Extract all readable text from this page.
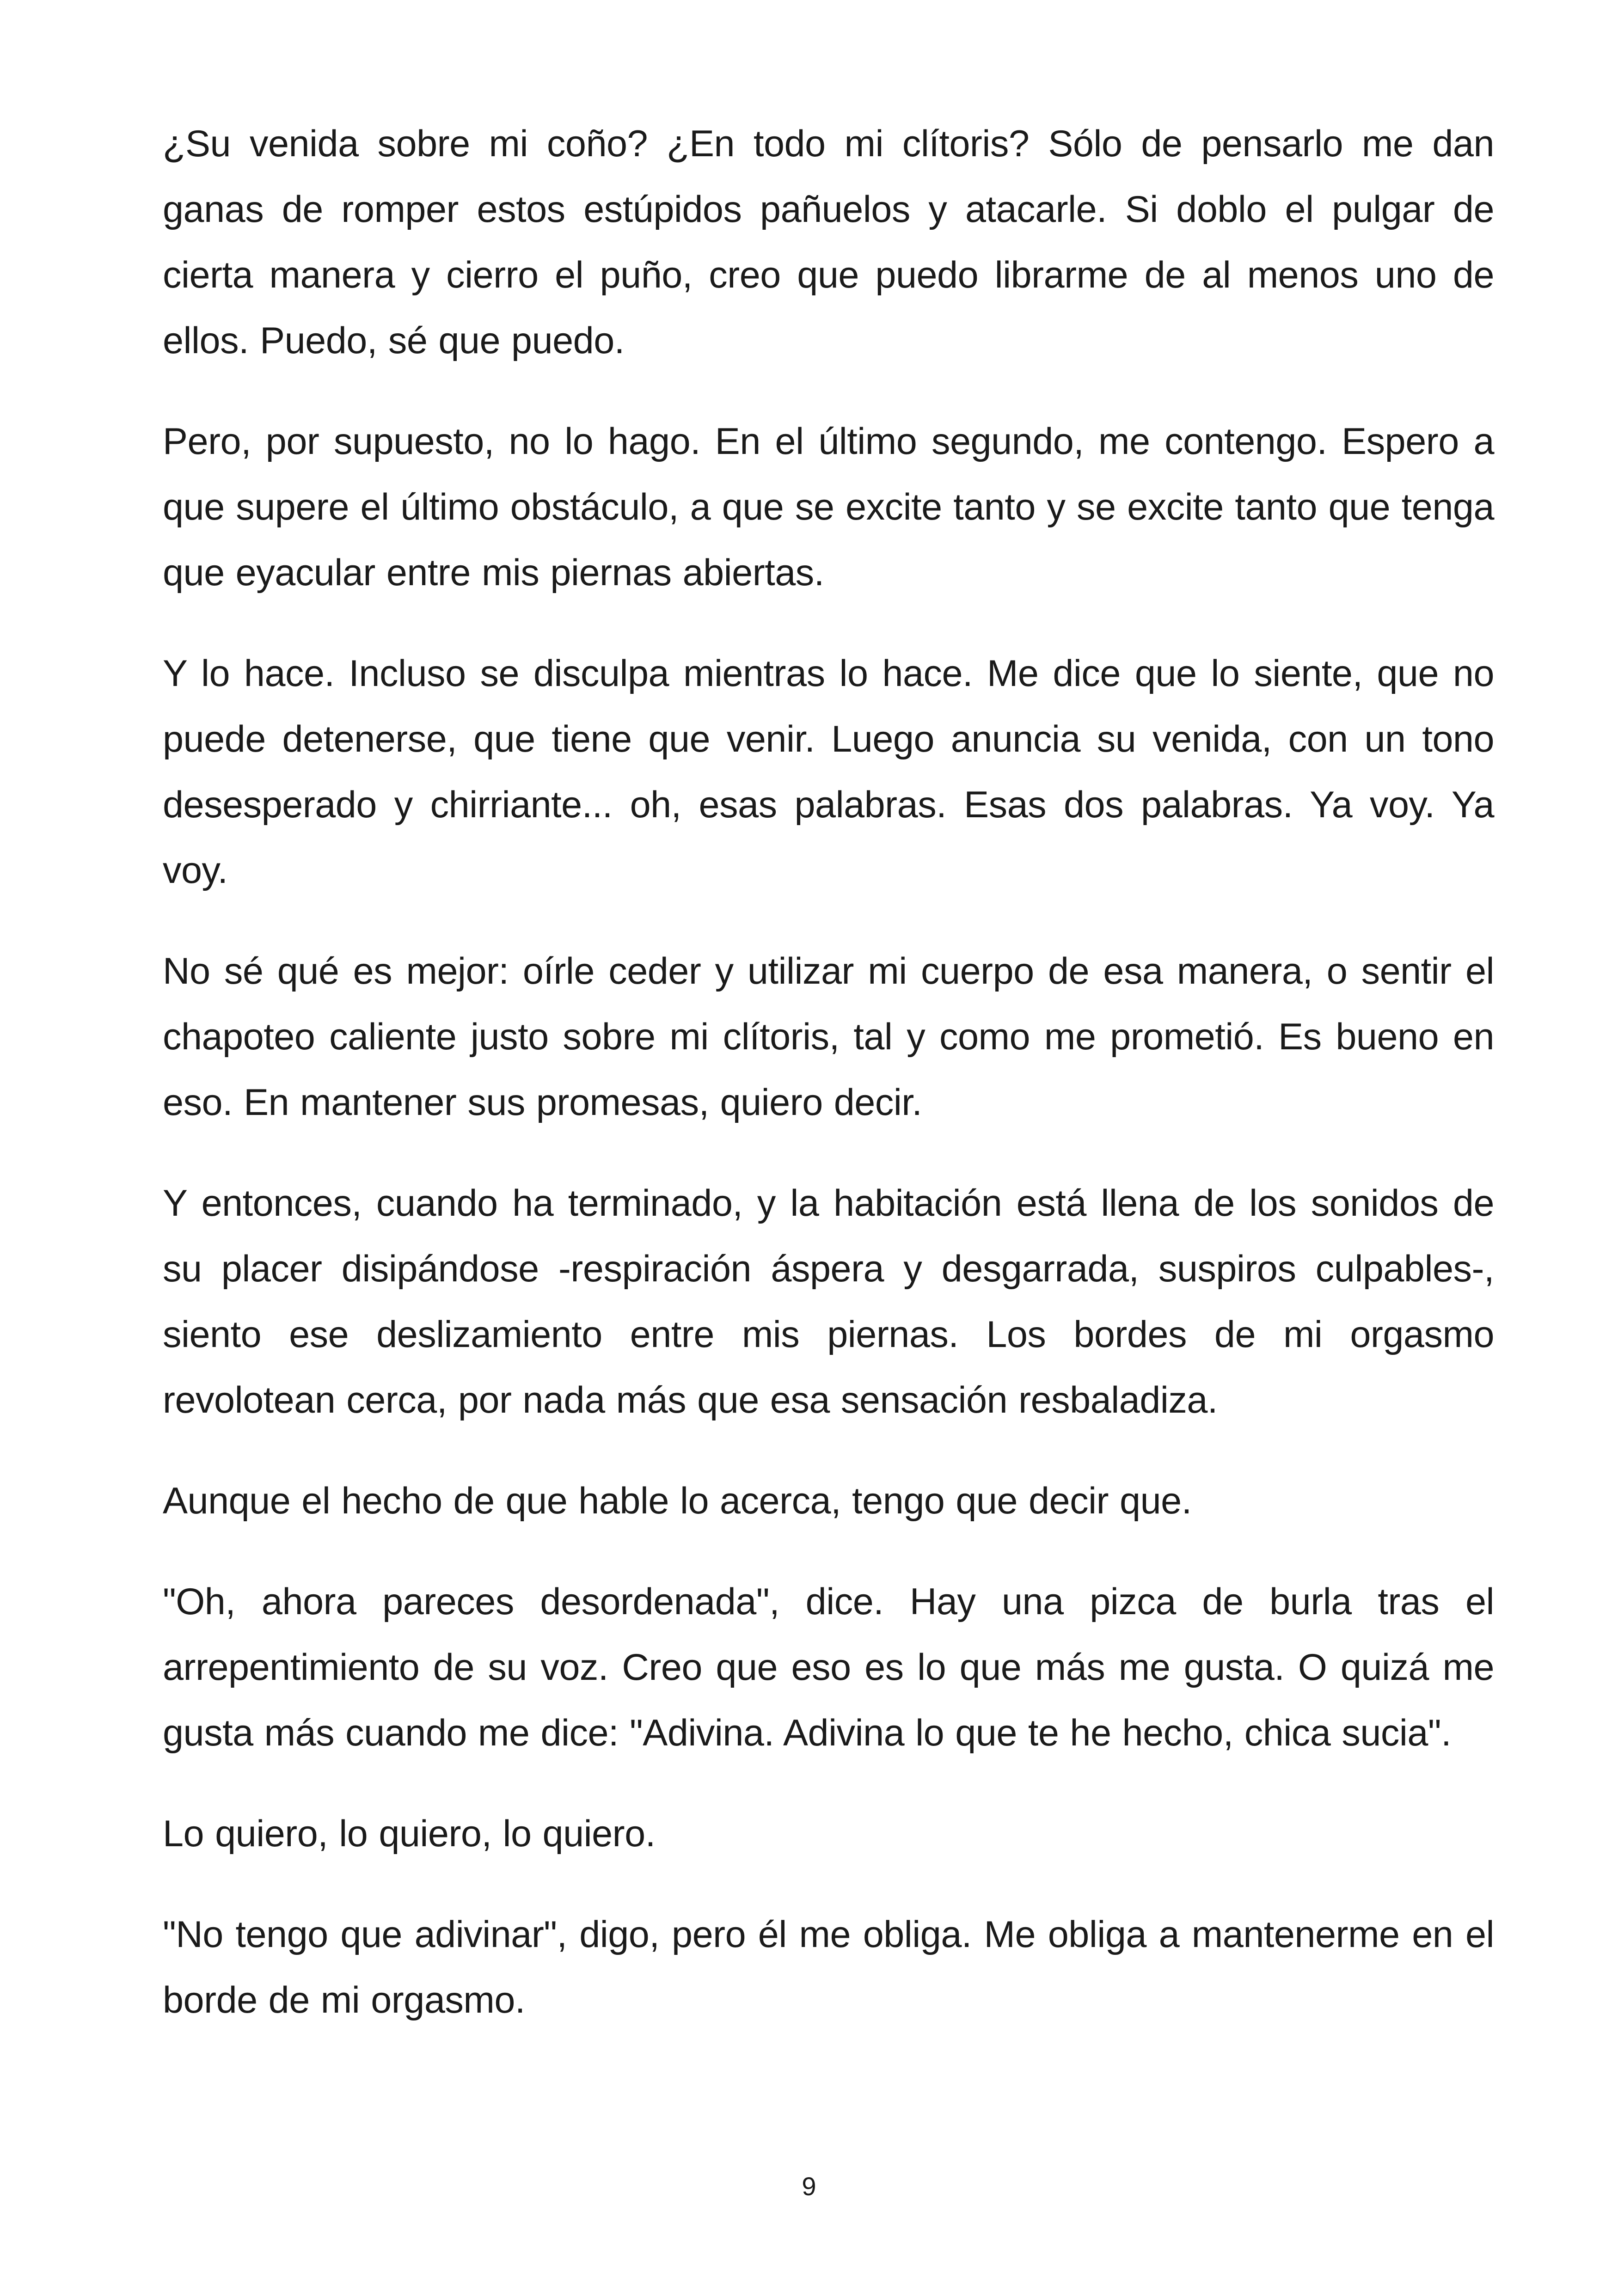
¿Su venida sobre mi coño? ¿En todo mi clítoris? Sólo de pensarlo me dan ganas de romper estos estúpidos pañuelos y atacarle. Si doblo el pulgar de cierta manera y cierro el puño, creo que puedo librarme de al menos uno de ellos. Puedo, sé que puedo.

Pero, por supuesto, no lo hago. En el último segundo, me contengo. Espero a que supere el último obstáculo, a que se excite tanto y se excite tanto que tenga que eyacular entre mis piernas abiertas.

Y lo hace. Incluso se disculpa mientras lo hace. Me dice que lo siente, que no puede detenerse, que tiene que venir. Luego anuncia su venida, con un tono desesperado y chirriante... oh, esas palabras. Esas dos palabras. Ya voy. Ya voy.

No sé qué es mejor: oírle ceder y utilizar mi cuerpo de esa manera, o sentir el chapoteo caliente justo sobre mi clítoris, tal y como me prometió. Es bueno en eso. En mantener sus promesas, quiero decir.

Y entonces, cuando ha terminado, y la habitación está llena de los sonidos de su placer disipándose -respiración áspera y desgarrada, suspiros culpables-, siento ese deslizamiento entre mis piernas. Los bordes de mi orgasmo revolotean cerca, por nada más que esa sensación resbaladiza.

Aunque el hecho de que hable lo acerca, tengo que decir que.

"Oh, ahora pareces desordenada", dice. Hay una pizca de burla tras el arrepentimiento de su voz. Creo que eso es lo que más me gusta. O quizá me gusta más cuando me dice: "Adivina. Adivina lo que te he hecho, chica sucia".

Lo quiero, lo quiero, lo quiero.

"No tengo que adivinar", digo, pero él me obliga. Me obliga a mantenerme en el borde de mi orgasmo.

9
